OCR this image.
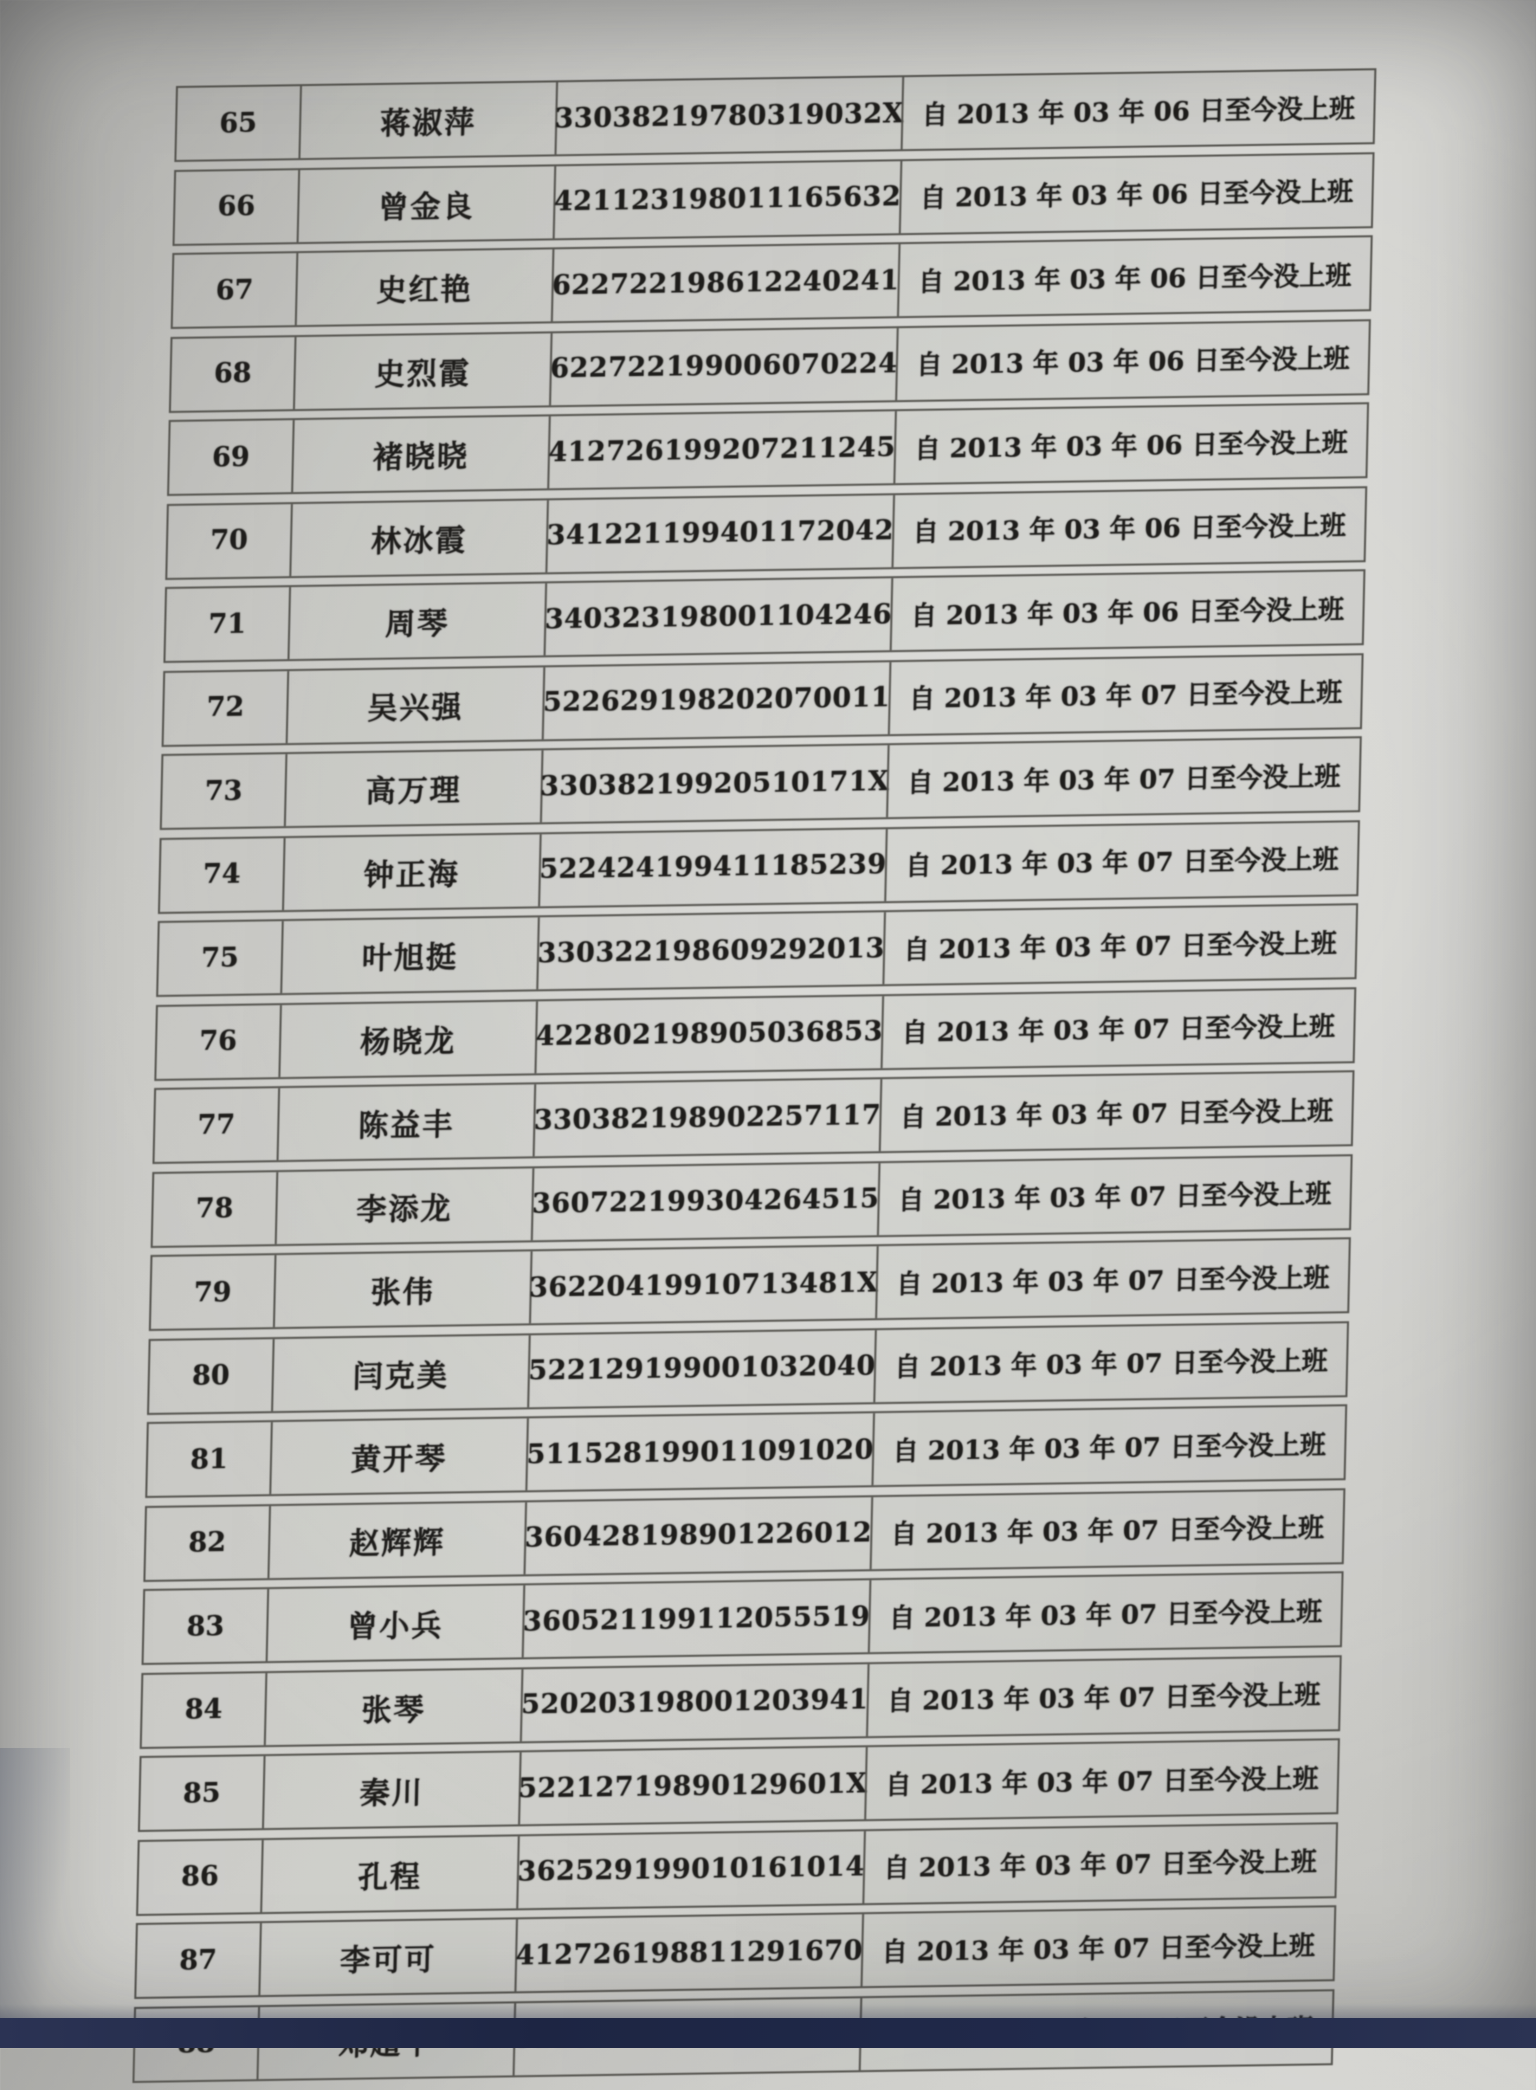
65	蒋淑萍	33038219780319032X 自 2013 年 03 年 06 日至今没上班
66	曾金良	421123198011165632 自 2013 年 03 年 06 日至今没上班
67	史红艳	622722198612240241 自 2013 年 03 年 06 日至今没上班
68	史烈霞	622722199006070224 自 2013 年 03 年 06 日至今没上班
69	褚晓晓	412726199207211245 自 2013 年 03 年 06 日至今没上班
70	林冰霞	341221199401172042 自 2013 年 03 年 06 日至今没上班
71	周琴	340323198001104246 自 2013 年 03 年 06 日至今没上班
72	吴兴强	522629198202070011 自 2013 年 03 年 07 日至今没上班
73	高万理	33038219920510171X 自 2013 年 03 年 07 日至今没上班
74	钟正海	522424199411185239 自 2013 年 03 年 07 日至今没上班
75	叶旭挺	330322198609292013 自 2013 年 03 年 07 日至今没上班
76	杨晓龙	422802198905036853 自 2013 年 03 年 07 日至今没上班
77	陈益丰	330382198902257117 自 2013 年 03 年 07 日至今没上班
78	李添龙	360722199304264515 自 2013 年 03 年 07 日至今没上班
79	张伟	36220419910713481X 自 2013 年 03 年 07 日至今没上班
80	闫克美	522129199001032040 自 2013 年 03 年 07 日至今没上班
81	黄开琴	511528199011091020 自 2013 年 03 年 07 日至今没上班
82	赵辉辉	360428198901226012 自 2013 年 03 年 07 日至今没上班
83	曾小兵	360521199112055519 自 2013 年 03 年 07 日至今没上班
84	张琴	520203198001203941 自 2013 年 03 年 07 日至今没上班
85	秦川	52212719890129601X 自 2013 年 03 年 07 日至今没上班
86	孔程	362529199010161014 自 2013 年 03 年 07 日至今没上班
87	李可可	412726198811291670 自 2013 年 03 年 07 日至今没上班
